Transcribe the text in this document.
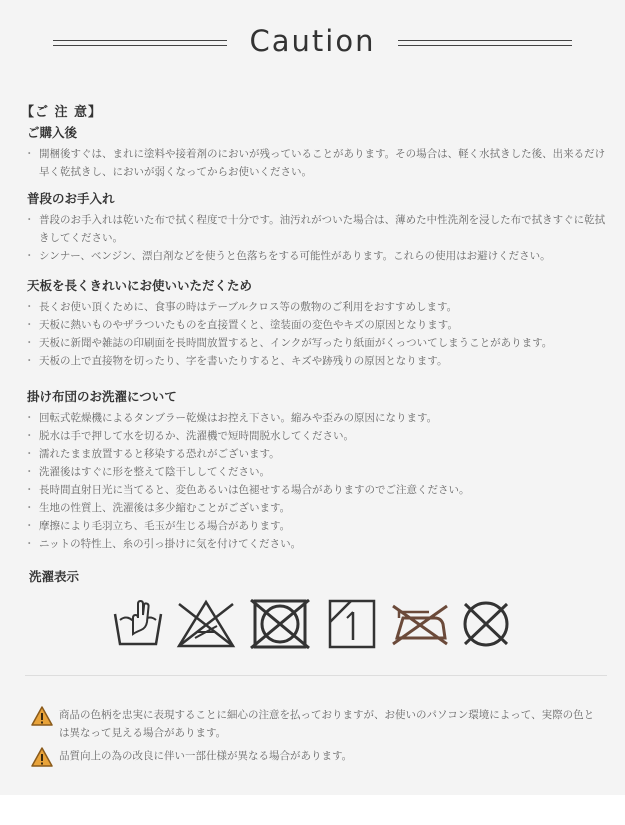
Caution
【ご 注 意】
ご購入後
・ 開梱後すぐは、まれに塗料や接着剤のにおいが残っていることがあります。その場合は、軽く水拭きした後、出来るだけ早く乾拭きし、においが弱くなってからお使いください。
普段のお手入れ
・ 普段のお手入れは乾いた布で拭く程度で十分です。油汚れがついた場合は、薄めた中性洗剤を浸した布で拭きすぐに乾拭きしてください。
・ シンナー、ベンジン、漂白剤などを使うと色落ちをする可能性があります。これらの使用はお避けください。
天板を長くきれいにお使いいただくため
・ 長くお使い頂くために、食事の時はテーブルクロス等の敷物のご利用をおすすめします。
・ 天板に熱いものやザラついたものを直接置くと、塗装面の変色やキズの原因となります。
・ 天板に新聞や雑誌の印刷面を長時間放置すると、インクが写ったり紙面がくっついてしまうことがあります。
・ 天板の上で直接物を切ったり、字を書いたりすると、キズや跡残りの原因となります。
掛け布団のお洗濯について
・ 回転式乾燥機によるタンブラー乾燥はお控え下さい。縮みや歪みの原因になります。
・ 脱水は手で押して水を切るか、洗濯機で短時間脱水してください。
・ 濡れたまま放置すると移染する恐れがございます。
・ 洗濯後はすぐに形を整えて陰干ししてください。
・ 長時間直射日光に当てると、変色あるいは色褪せする場合がありますのでご注意ください。
・ 生地の性質上、洗濯後は多少縮むことがございます。
・ 摩擦により毛羽立ち、毛玉が生じる場合があります。
・ ニットの特性上、糸の引っ掛けに気を付けてください。
洗濯表示
商品の色柄を忠実に表現することに細心の注意を払っておりますが、お使いのパソコン環境によって、実際の色とは異なって見える場合があります。
品質向上の為の改良に伴い一部仕様が異なる場合があります。
